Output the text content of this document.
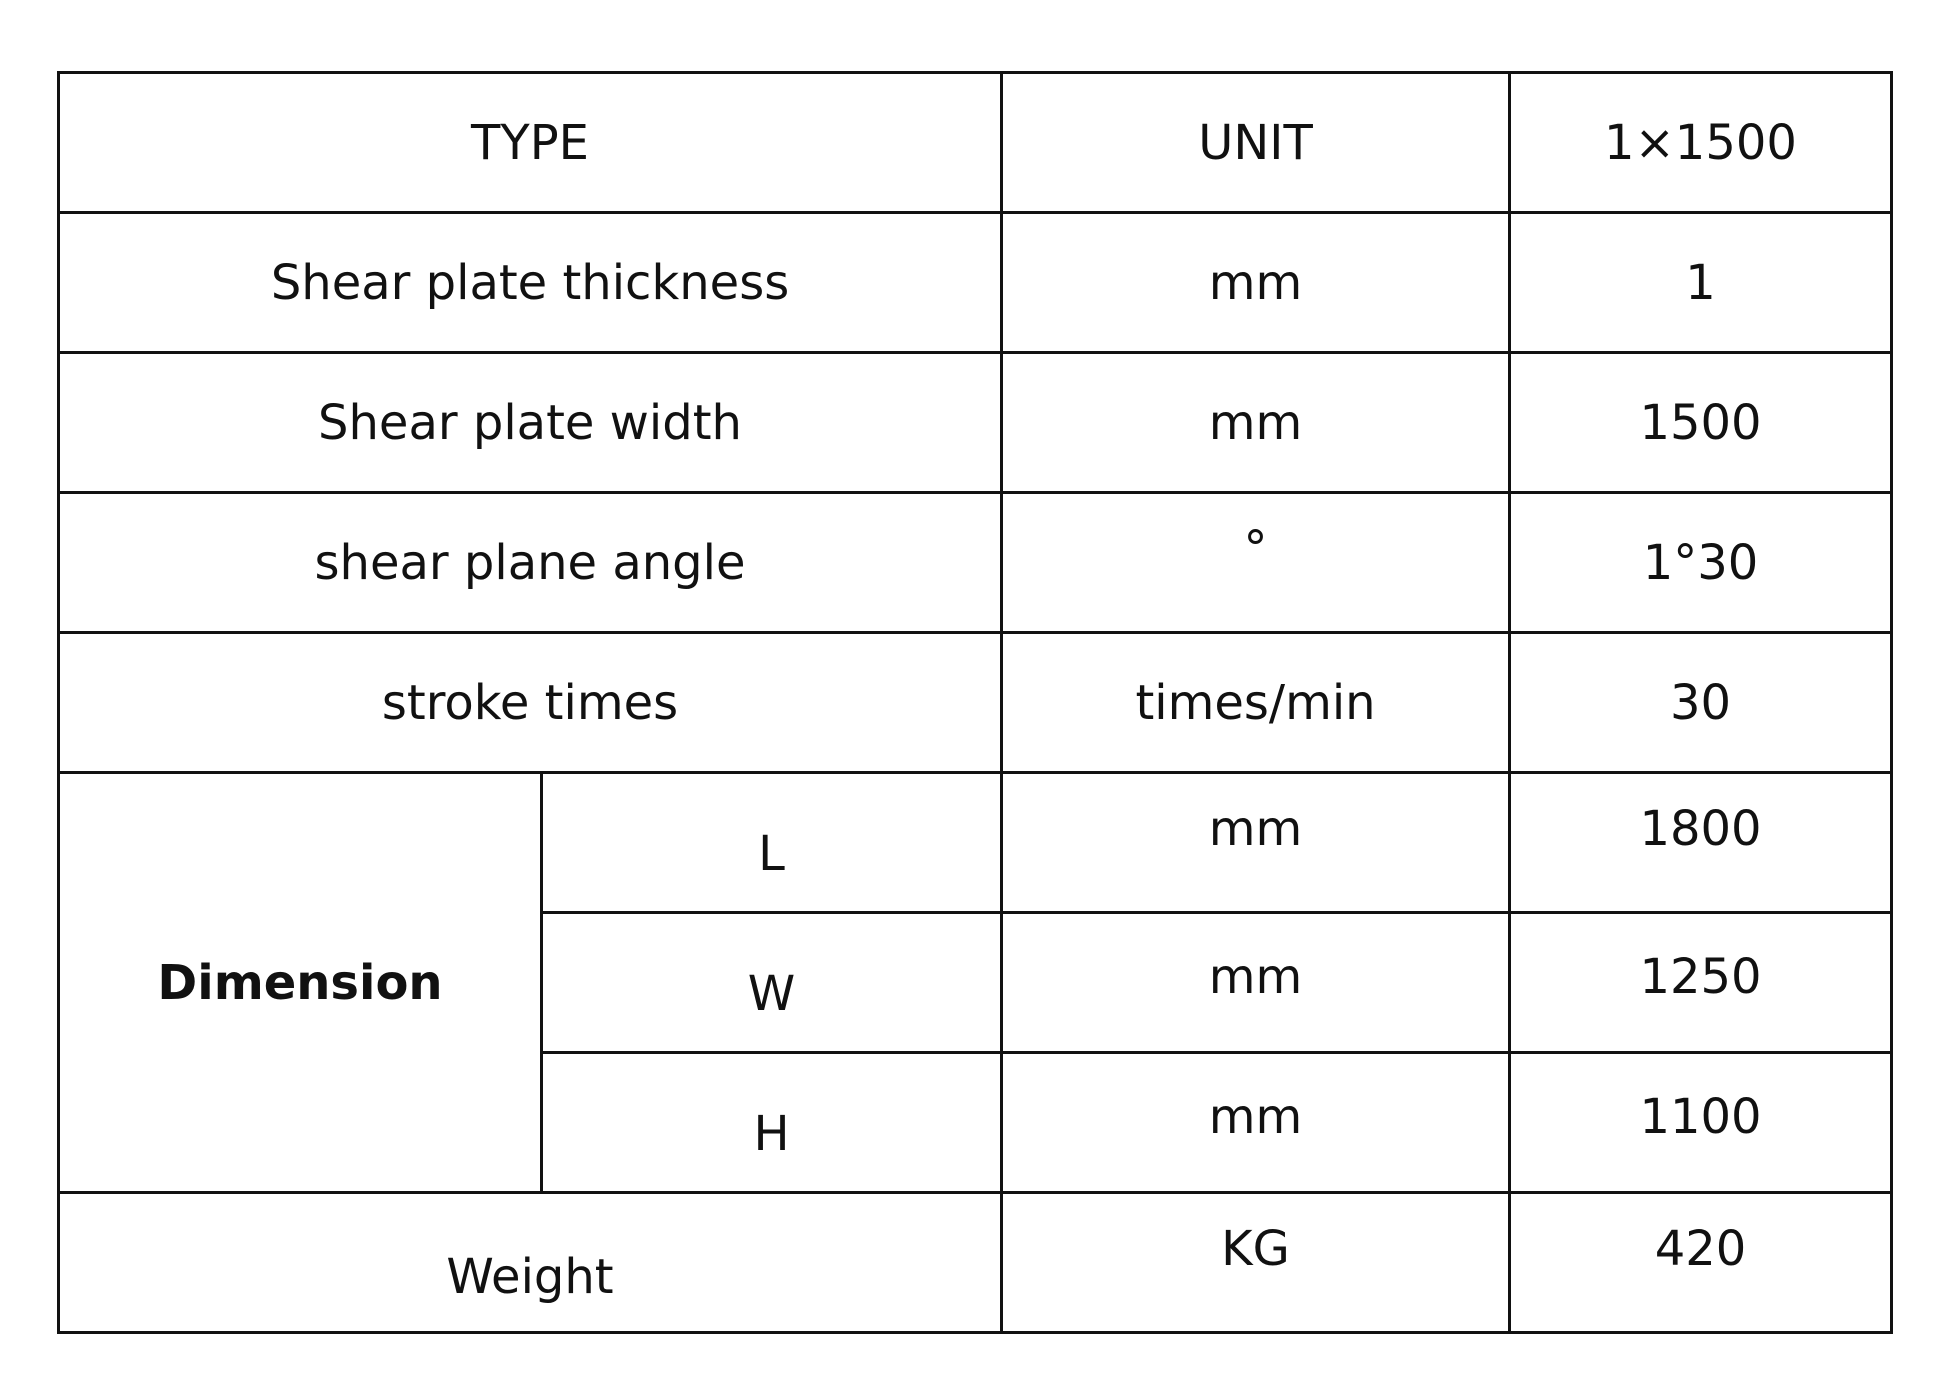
TYPE		UNIT	1×1500
Shear plate thickness		mm	1
Shear plate width		mm	1500
shear plane angle		°	1°30
stroke times		times/min	30
Dimension	L	mm	1800
	W	mm	1250
	H	mm	1100
Weight		KG	420
